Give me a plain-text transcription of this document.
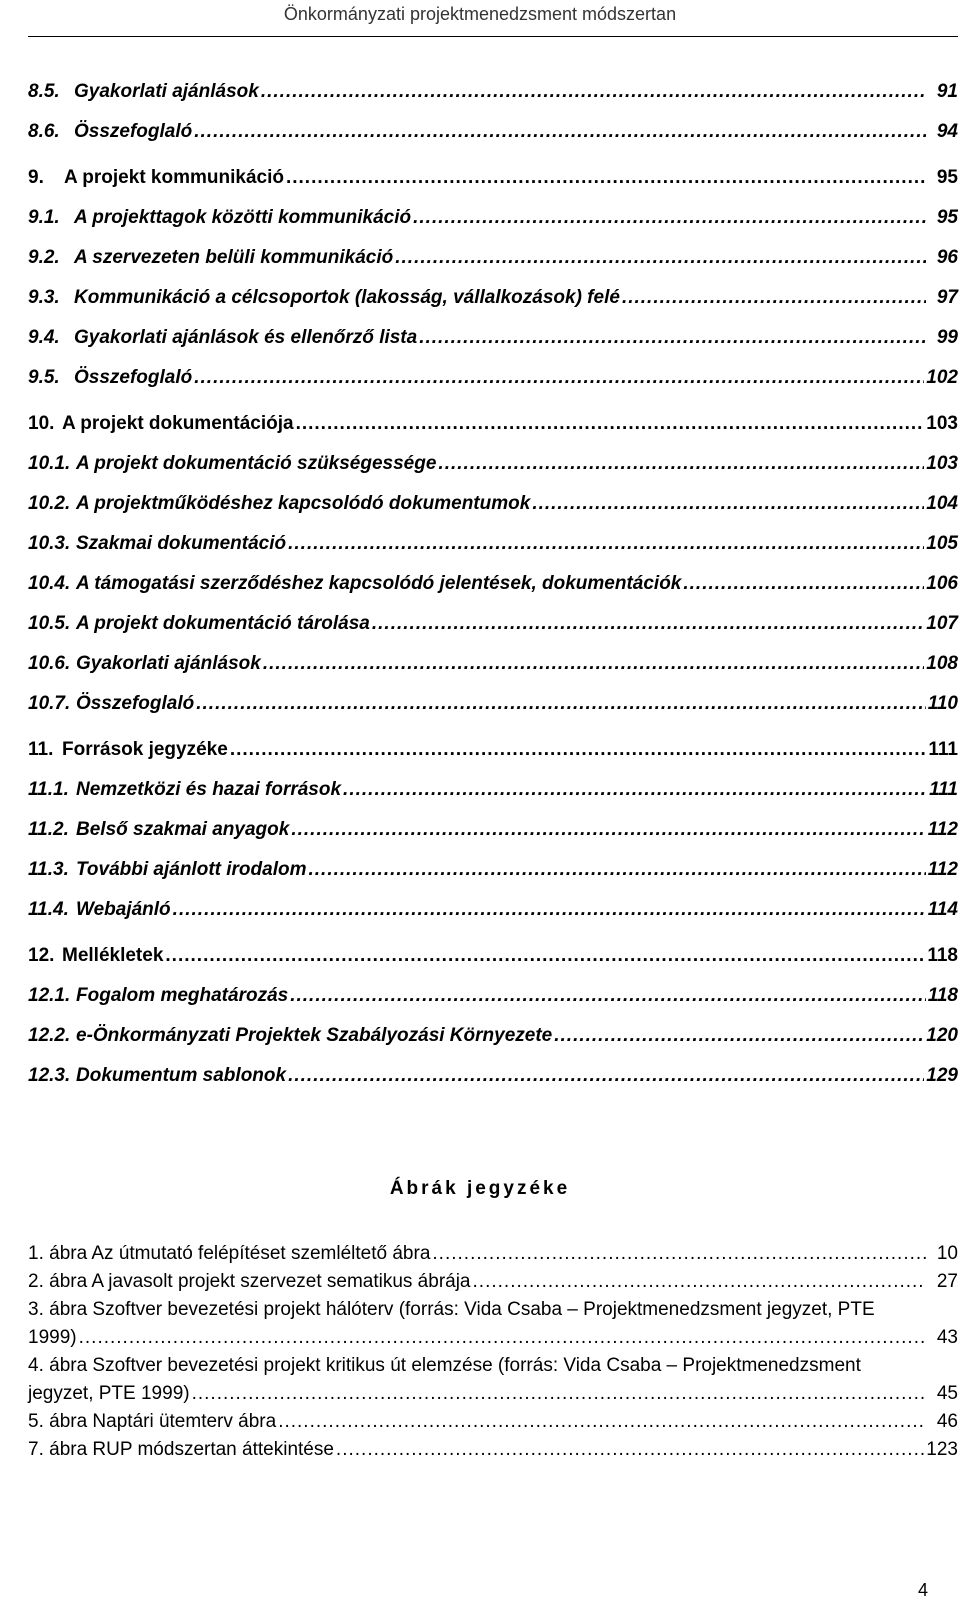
Önkormányzati projektmenedzsment módszertan
8.5. Gyakorlati ajánlások .....	91
8.6. Összefoglaló .....	94
9.	A projekt kommunikáció .....	95
9.1. A projekttagok közötti kommunikáció .....	95
9.2. A szervezeten belüli kommunikáció .....	96
9.3. Kommunikáció a célcsoportok (lakosság, vállalkozások) felé .....	97
9.4. Gyakorlati ajánlások és ellenőrző lista .....	99
9.5. Összefoglaló .....	102
10. A projekt dokumentációja .....	103
10.1. A projekt dokumentáció szükségessége .....	103
10.2. A projektműködéshez kapcsolódó dokumentumok .....	104
10.3. Szakmai dokumentáció .....	105
10.4. A támogatási szerződéshez kapcsolódó jelentések, dokumentációk .....	106
10.5. A projekt dokumentáció tárolása .....	107
10.6. Gyakorlati ajánlások .....	108
10.7. Összefoglaló .....	110
11. Források jegyzéke .....	111
11.1. Nemzetközi és hazai források .....	111
11.2. Belső szakmai anyagok .....	112
11.3. További ajánlott irodalom .....	112
11.4. Webajánló .....	114
12. Mellékletek .....	118
12.1. Fogalom meghatározás .....	118
12.2. e-Önkormányzati Projektek Szabályozási Környezete .....	120
12.3. Dokumentum sablonok .....	129
Ábrák jegyzéke
1. ábra Az útmutató felépítéset szemléltető ábra .....	10
2. ábra A javasolt projekt szervezet sematikus ábrája .....	27
3. ábra Szoftver bevezetési projekt hálóterv (forrás: Vida Csaba – Projektmenedzsment jegyzet, PTE
1999) .....	43
4. ábra Szoftver bevezetési projekt kritikus út elemzése (forrás: Vida Csaba – Projektmenedzsment
jegyzet, PTE 1999) .....	45
5. ábra Naptári ütemterv ábra .....	46
7. ábra RUP módszertan áttekintése .....	123
4
